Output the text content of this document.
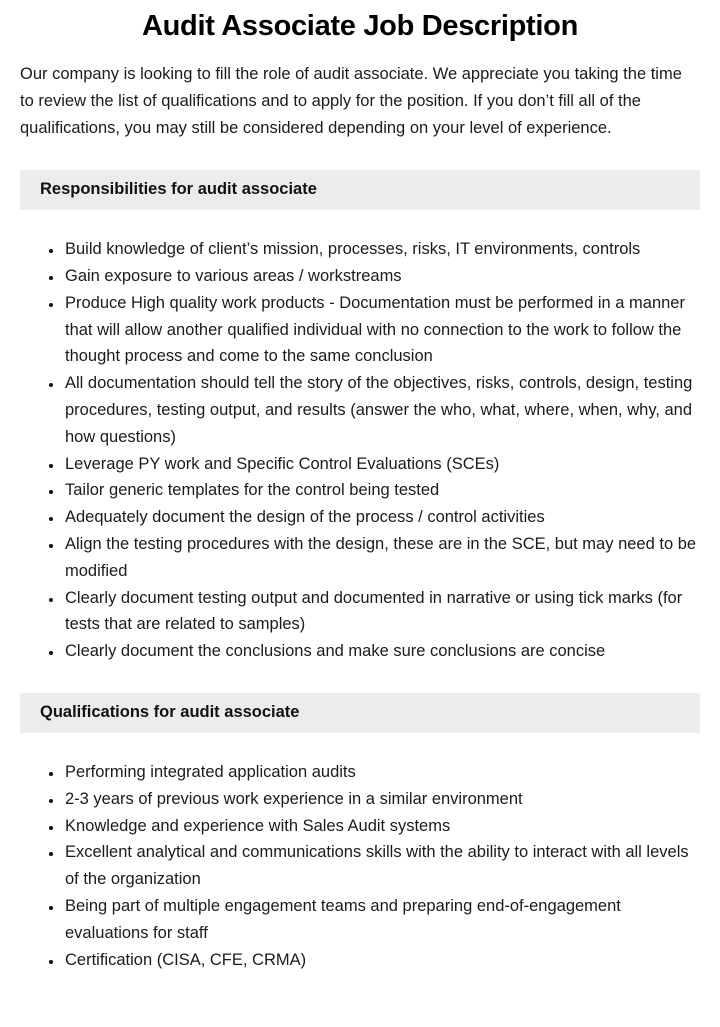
Audit Associate Job Description

Our company is looking to fill the role of audit associate. We appreciate you taking the time to review the list of qualifications and to apply for the position. If you don’t fill all of the qualifications, you may still be considered depending on your level of experience.

Responsibilities for audit associate
• Build knowledge of client’s mission, processes, risks, IT environments, controls
• Gain exposure to various areas / workstreams
• Produce High quality work products - Documentation must be performed in a manner that will allow another qualified individual with no connection to the work to follow the thought process and come to the same conclusion
• All documentation should tell the story of the objectives, risks, controls, design, testing procedures, testing output, and results (answer the who, what, where, when, why, and how questions)
• Leverage PY work and Specific Control Evaluations (SCEs)
• Tailor generic templates for the control being tested
• Adequately document the design of the process / control activities
• Align the testing procedures with the design, these are in the SCE, but may need to be modified
• Clearly document testing output and documented in narrative or using tick marks (for tests that are related to samples)
• Clearly document the conclusions and make sure conclusions are concise
Qualifications for audit associate
• Performing integrated application audits
• 2-3 years of previous work experience in a similar environment
• Knowledge and experience with Sales Audit systems
• Excellent analytical and communications skills with the ability to interact with all levels of the organization
• Being part of multiple engagement teams and preparing end-of-engagement evaluations for staff
• Certification (CISA, CFE, CRMA)
